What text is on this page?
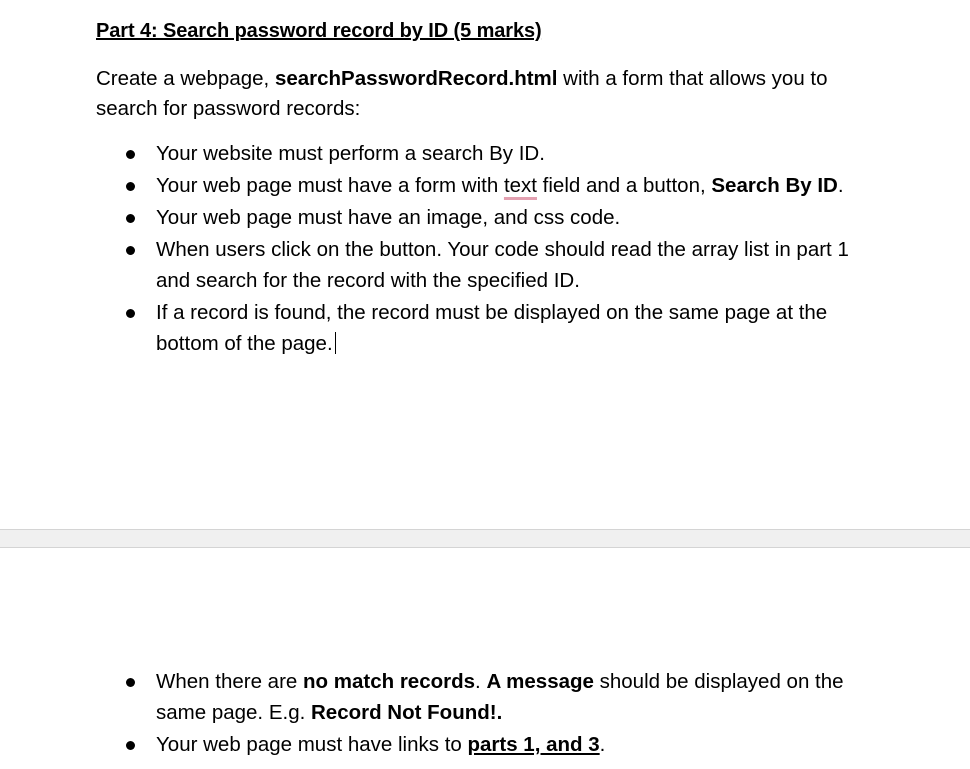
Part 4: Search password record by ID (5 marks)
Create a webpage, searchPasswordRecord.html with a form that allows you to search for password records:
Your website must perform a search By ID.
Your web page must have a form with text field and a button, Search By ID.
Your web page must have an image, and css code.
When users click on the button. Your code should read the array list in part 1 and search for the record with the specified ID.
If a record is found, the record must be displayed on the same page at the bottom of the page.
When there are no match records. A message should be displayed on the same page. E.g. Record Not Found!.
Your web page must have links to parts 1, and 3.
